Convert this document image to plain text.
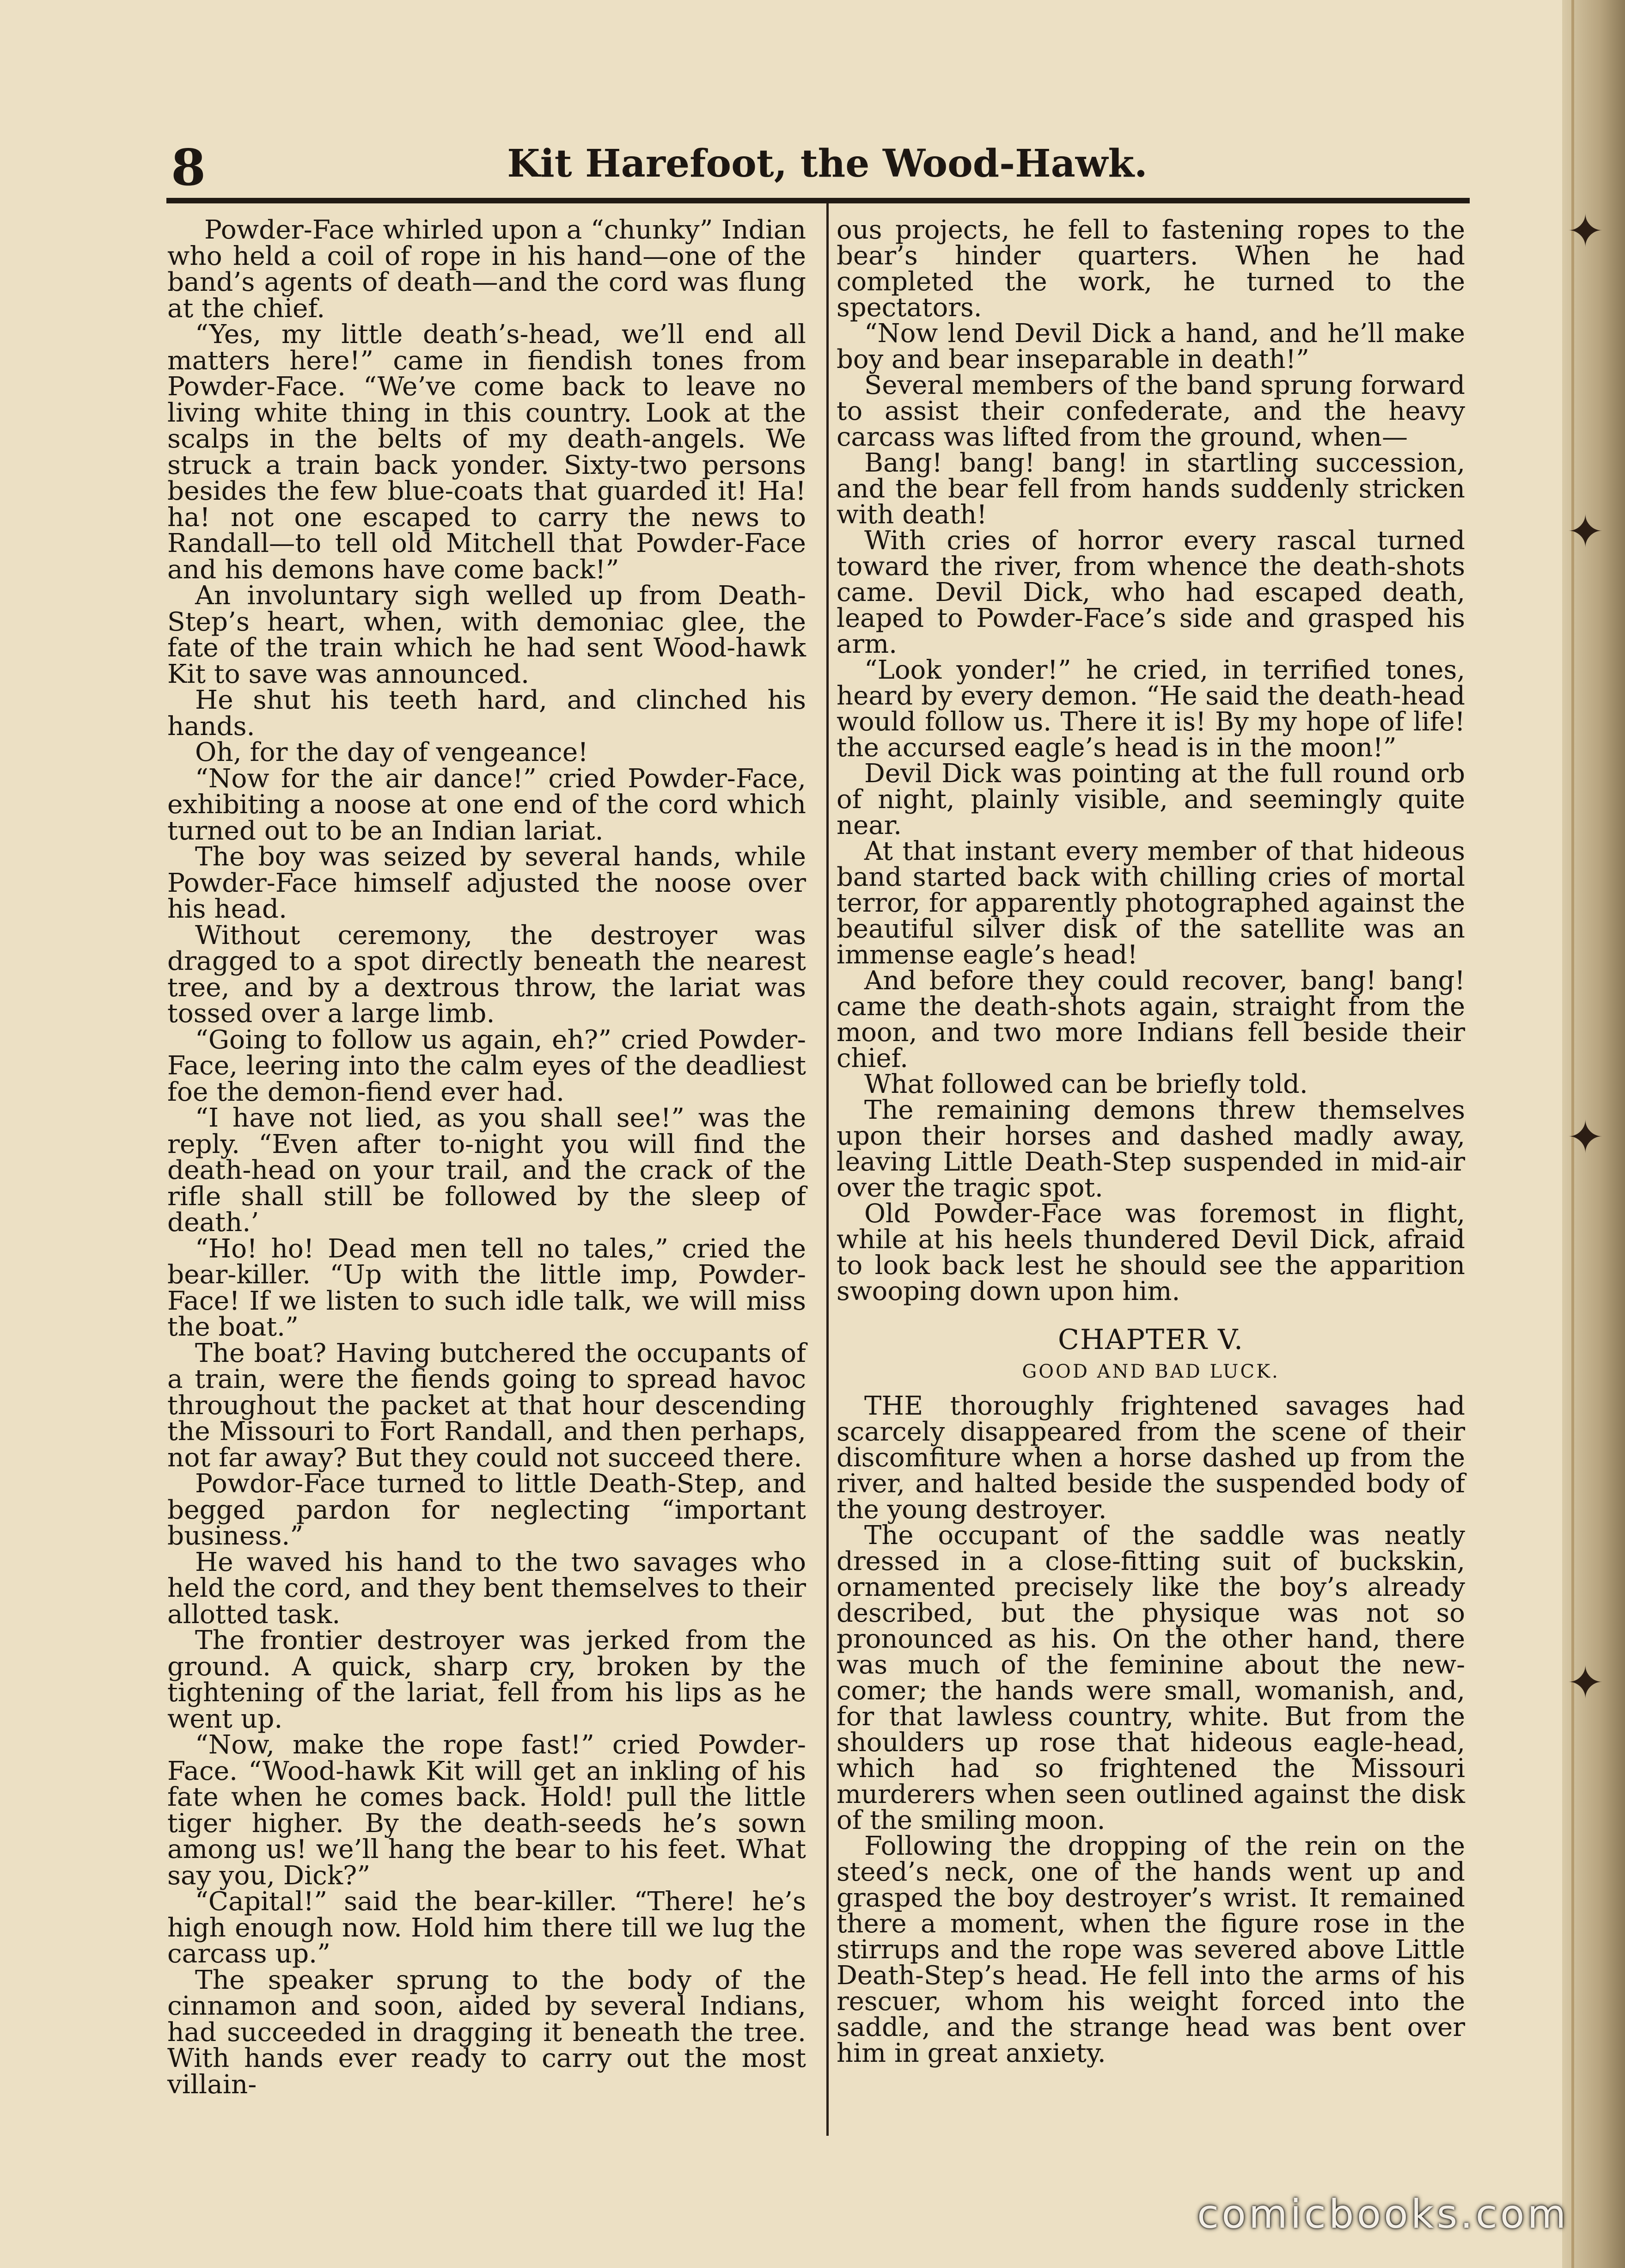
✦
✦
✦
✦
8	Kit Harefoot, the Wood-Hawk.

Powder-Face whirled upon a “chunky” Indian who held a coil of rope in his hand—one of the band’s agents of death—and the cord was flung at the chief.

“Yes, my little death’s-head, we’ll end all matters here!” came in fiendish tones from Powder-Face. “We’ve come back to leave no living white thing in this country. Look at the scalps in the belts of my death-angels. We struck a train back yonder. Sixty-two persons besides the few blue-coats that guarded it! Ha! ha! not one escaped to carry the news to Randall—to tell old Mitchell that Powder-Face and his demons have come back!”

An involuntary sigh welled up from Death-Step’s heart, when, with demoniac glee, the fate of the train which he had sent Wood-hawk Kit to save was announced.

He shut his teeth hard, and clinched his hands.

Oh, for the day of vengeance!

“Now for the air dance!” cried Powder-Face, exhibiting a noose at one end of the cord which turned out to be an Indian lariat.

The boy was seized by several hands, while Powder-Face himself adjusted the noose over his head.

Without ceremony, the destroyer was dragged to a spot directly beneath the nearest tree, and by a dextrous throw, the lariat was tossed over a large limb.

“Going to follow us again, eh?” cried Powder-Face, leering into the calm eyes of the deadliest foe the demon-fiend ever had.

“I have not lied, as you shall see!” was the reply. “Even after to-night you will find the death-head on your trail, and the crack of the rifle shall still be followed by the sleep of death.’

“Ho! ho! Dead men tell no tales,” cried the bear-killer. “Up with the little imp, Powder-Face! If we listen to such idle talk, we will miss the boat.”

The boat? Having butchered the occupants of a train, were the fiends going to spread havoc throughout the packet at that hour descending the Missouri to Fort Randall, and then perhaps, not far away? But they could not succeed there.

Powdor-Face turned to little Death-Step, and begged pardon for neglecting “important business.”

He waved his hand to the two savages who held the cord, and they bent themselves to their allotted task.

The frontier destroyer was jerked from the ground. A quick, sharp cry, broken by the tightening of the lariat, fell from his lips as he went up.

“Now, make the rope fast!” cried Powder-Face. “Wood-hawk Kit will get an inkling of his fate when he comes back. Hold! pull the little tiger higher. By the death-seeds he’s sown among us! we’ll hang the bear to his feet. What say you, Dick?”

“Capital!” said the bear-killer. “There! he’s high enough now. Hold him there till we lug the carcass up.”

The speaker sprung to the body of the cinnamon and soon, aided by several Indians, had succeeded in dragging it beneath the tree. With hands ever ready to carry out the most villain-

ous projects, he fell to fastening ropes to the bear’s hinder quarters. When he had completed the work, he turned to the spectators.

“Now lend Devil Dick a hand, and he’ll make boy and bear inseparable in death!”

Several members of the band sprung forward to assist their confederate, and the heavy carcass was lifted from the ground, when—

Bang! bang! bang! in startling succession, and the bear fell from hands suddenly stricken with death!

With cries of horror every rascal turned toward the river, from whence the death-shots came. Devil Dick, who had escaped death, leaped to Powder-Face’s side and grasped his arm.

“Look yonder!” he cried, in terrified tones, heard by every demon. “He said the death-head would follow us. There it is! By my hope of life! the accursed eagle’s head is in the moon!”

Devil Dick was pointing at the full round orb of night, plainly visible, and seemingly quite near.

At that instant every member of that hideous band started back with chilling cries of mortal terror, for apparently photographed against the beautiful silver disk of the satellite was an immense eagle’s head!

And before they could recover, bang! bang! came the death-shots again, straight from the moon, and two more Indians fell beside their chief.

What followed can be briefly told.

The remaining demons threw themselves upon their horses and dashed madly away, leaving Little Death-Step suspended in mid-air over the tragic spot.

Old Powder-Face was foremost in flight, while at his heels thundered Devil Dick, afraid to look back lest he should see the apparition swooping down upon him.

CHAPTER V.
GOOD AND BAD LUCK.

THE thoroughly frightened savages had scarcely disappeared from the scene of their discomfiture when a horse dashed up from the river, and halted beside the suspended body of the young destroyer.

The occupant of the saddle was neatly dressed in a close-fitting suit of buckskin, ornamented precisely like the boy’s already described, but the physique was not so pronounced as his. On the other hand, there was much of the feminine about the new-comer; the hands were small, womanish, and, for that lawless country, white. But from the shoulders up rose that hideous eagle-head, which had so frightened the Missouri murderers when seen outlined against the disk of the smiling moon.

Following the dropping of the rein on the steed’s neck, one of the hands went up and grasped the boy destroyer’s wrist. It remained there a moment, when the figure rose in the stirrups and the rope was severed above Little Death-Step’s head. He fell into the arms of his rescuer, whom his weight forced into the saddle, and the strange head was bent over him in great anxiety.

comicbooks.com
